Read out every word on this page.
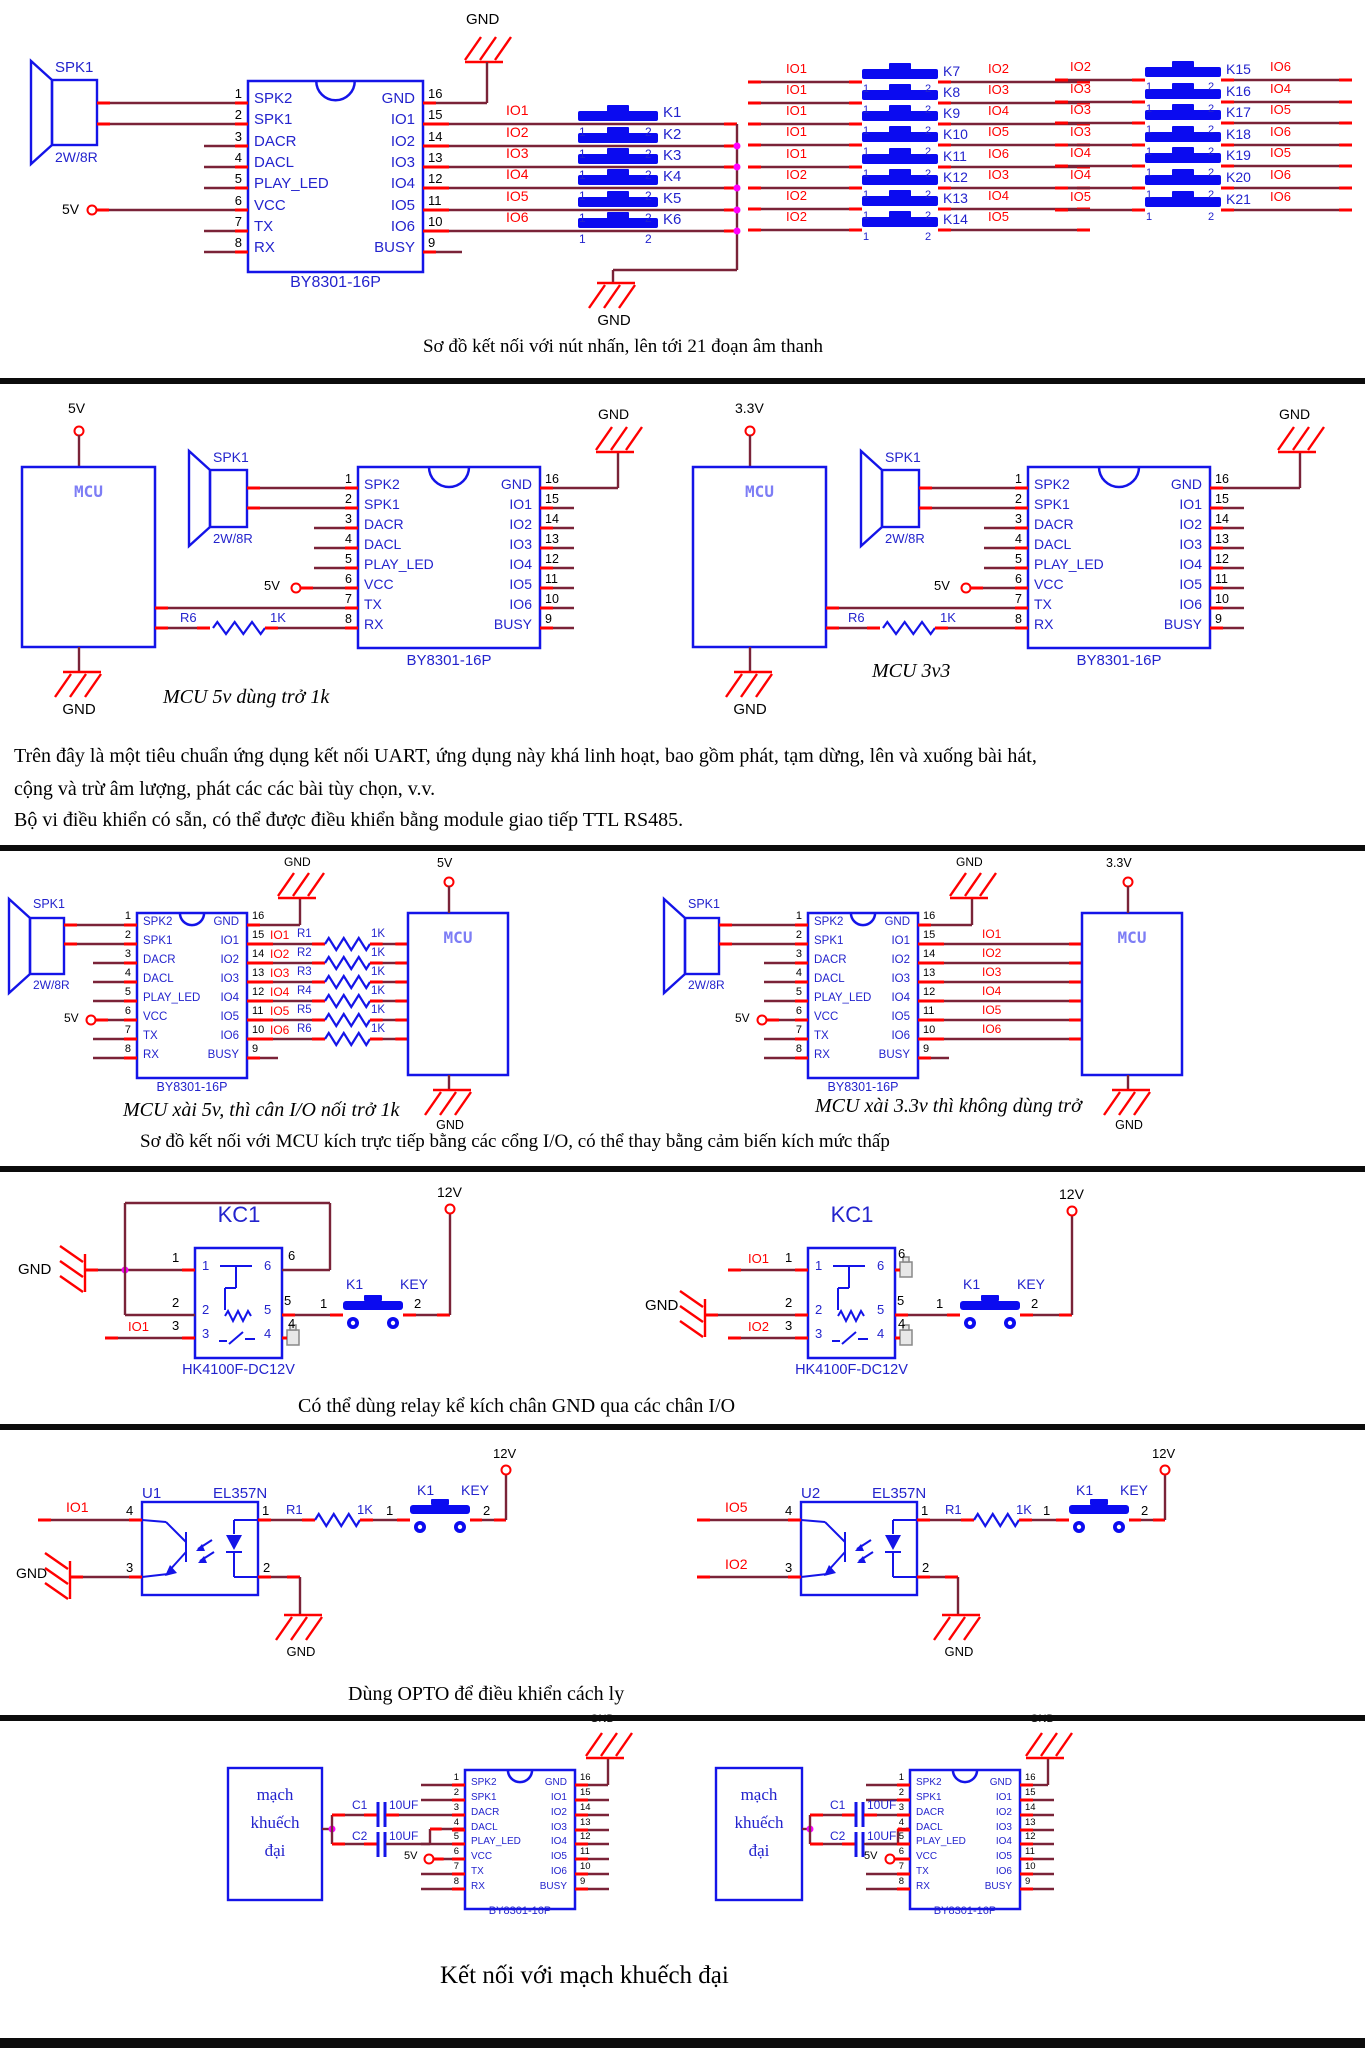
SPK2
1
SPK1
2
DACR
3
DACL
4
PLAY_LED
5
VCC
6
TX
7
RX
8
GND 16
IO1 15
IO2 14
IO3 13
IO4 12
IO5 11
IO6 10
BUSY 9
BY8301-16P
SPK1
2W/8R
5V
GND
IO1
1	2
K1
IO2
1	2
K2
IO3
1	2
K3
IO4
1	2
K4
IO5
1	2
K5
IO6
1	2
K6
GND
IO1
1	2
K7 IO2
IO1
1	2
K8 IO3
IO1
1	2
K9 IO4
IO1
1	2
K10 IO5
IO1
1	2
K11 IO6
IO2
1	2
K12 IO3
IO2
1	2
K13 IO4
IO2
1	2
K14 IO5
IO2
1	2
K15 IO6
IO3
1	2
K16 IO4
IO3
1	2
K17 IO5
IO3
1	2
K18 IO6
IO4
1	2
K19 IO5
IO4
1	2
K20 IO6
IO5
1	2
K21 IO6
5V
MCU
GND
SPK1
2W/8R
SPK2
1
SPK1
2
DACR
3
DACL
4
PLAY_LED
5
VCC
6
TX
7
RX
8
GND 16
IO1 15
IO2 14
IO3 13
IO4 12
IO5 11
IO6 10
BUSY 9
BY8301-16P
5V
R6	1K
GND	3.3V
MCU
GND
SPK1
2W/8R
SPK2
1
SPK1
2
DACR
3
DACL
4
PLAY_LED
5
VCC
6
TX
7
RX
8
GND 16
IO1 15
IO2 14
IO3 13
IO4 12
IO5 11
IO6 10
BUSY 9
BY8301-16P
5V
R6	1K
GND
SPK1
2W/8R
SPK2
1
SPK1
2
DACR
3
DACL
4
PLAY_LED
5
VCC
6
TX
7
RX
8
GND 16
IO1 15
IO2 14
IO3 13
IO4 12
IO5 11
IO6 10
BUSY 9
BY8301-16P
5V
GND
IO1 R1	1K
IO2 R2	1K
IO3 R3	1K
IO4 R4	1K
IO5 R5	1K
IO6 R6	1K
MCU
5V
GND
SPK1
2W/8R
SPK2
1
SPK1
2
DACR
3
DACL
4
PLAY_LED
5
VCC
6
TX
7
RX
8
GND 16
IO1 15
IO2 14
IO3 13
IO4 12
IO5 11
IO6 10
BUSY 9
BY8301-16P
5V
GND
IO1
IO2
IO3
IO4
IO5
IO6
MCU
3.3V
GND
KC1
HK4100F-DC12V
1	6
2	5
3	4
1
2
3
6
5
4
GND
IO1
1
K1	KEY
2
12V
KC1
HK4100F-DC12V
1	6
2	5
3	4
1
2
3
6
5
4
IO1
GND
IO2
1
K1	KEY
2
12V
U1	EL357N
IO1	4
GND	3
1 R1	1K 1
K1 KEY
2
12V
2
GND
U2	EL357N
IO5	4
IO2	3
1 R1	1K 1
K1 KEY
2
12V
2
GND
mạch
khuếch
đại
C1 10UF
C2 10UF
5V
SPK2
1
SPK1
2
DACR
3
DACL
4
PLAY_LED
5
VCC
6
TX
7
RX
8
GND 16
IO1 15
IO2 14
IO3 13
IO4 12
IO5 11
IO6 10
BUSY 9
BY8301-16P
mạch
khuếch
đại
C1 10UF
C2 10UF
5V
SPK2
1
SPK1
2
DACR
3
DACL
4
PLAY_LED
5
VCC
6
TX
7
RX
8
GND 16
IO1 15
IO2 14
IO3 13
IO4 12
IO5 11
IO6 10
BUSY 9
BY8301-16P
Sơ đồ kết nối với nút nhấn, lên tới 21 đoạn âm thanh
MCU 5v dùng trở 1k
MCU 3v3
Trên đây là một tiêu chuẩn ứng dụng kết nối UART, ứng dụng này khá linh hoạt, bao gồm phát, tạm dừng, lên và xuống bài hát,
cộng và trừ âm lượng, phát các các bài tùy chọn, v.v.
Bộ vi điều khiển có sẵn, có thể được điều khiển bằng module giao tiếp TTL RS485.
MCU xài 5v, thì cân I/O nối trở 1k	MCU xài 3.3v thì không dùng trở
Sơ đồ kết nối với MCU kích trực tiếp bằng các cổng I/O, có thể thay bằng cảm biến kích mức thấp
Có thể dùng relay kể kích chân GND qua các chân I/O
Dùng OPTO để điều khiển cách ly
Kết nối với mạch khuếch đại
